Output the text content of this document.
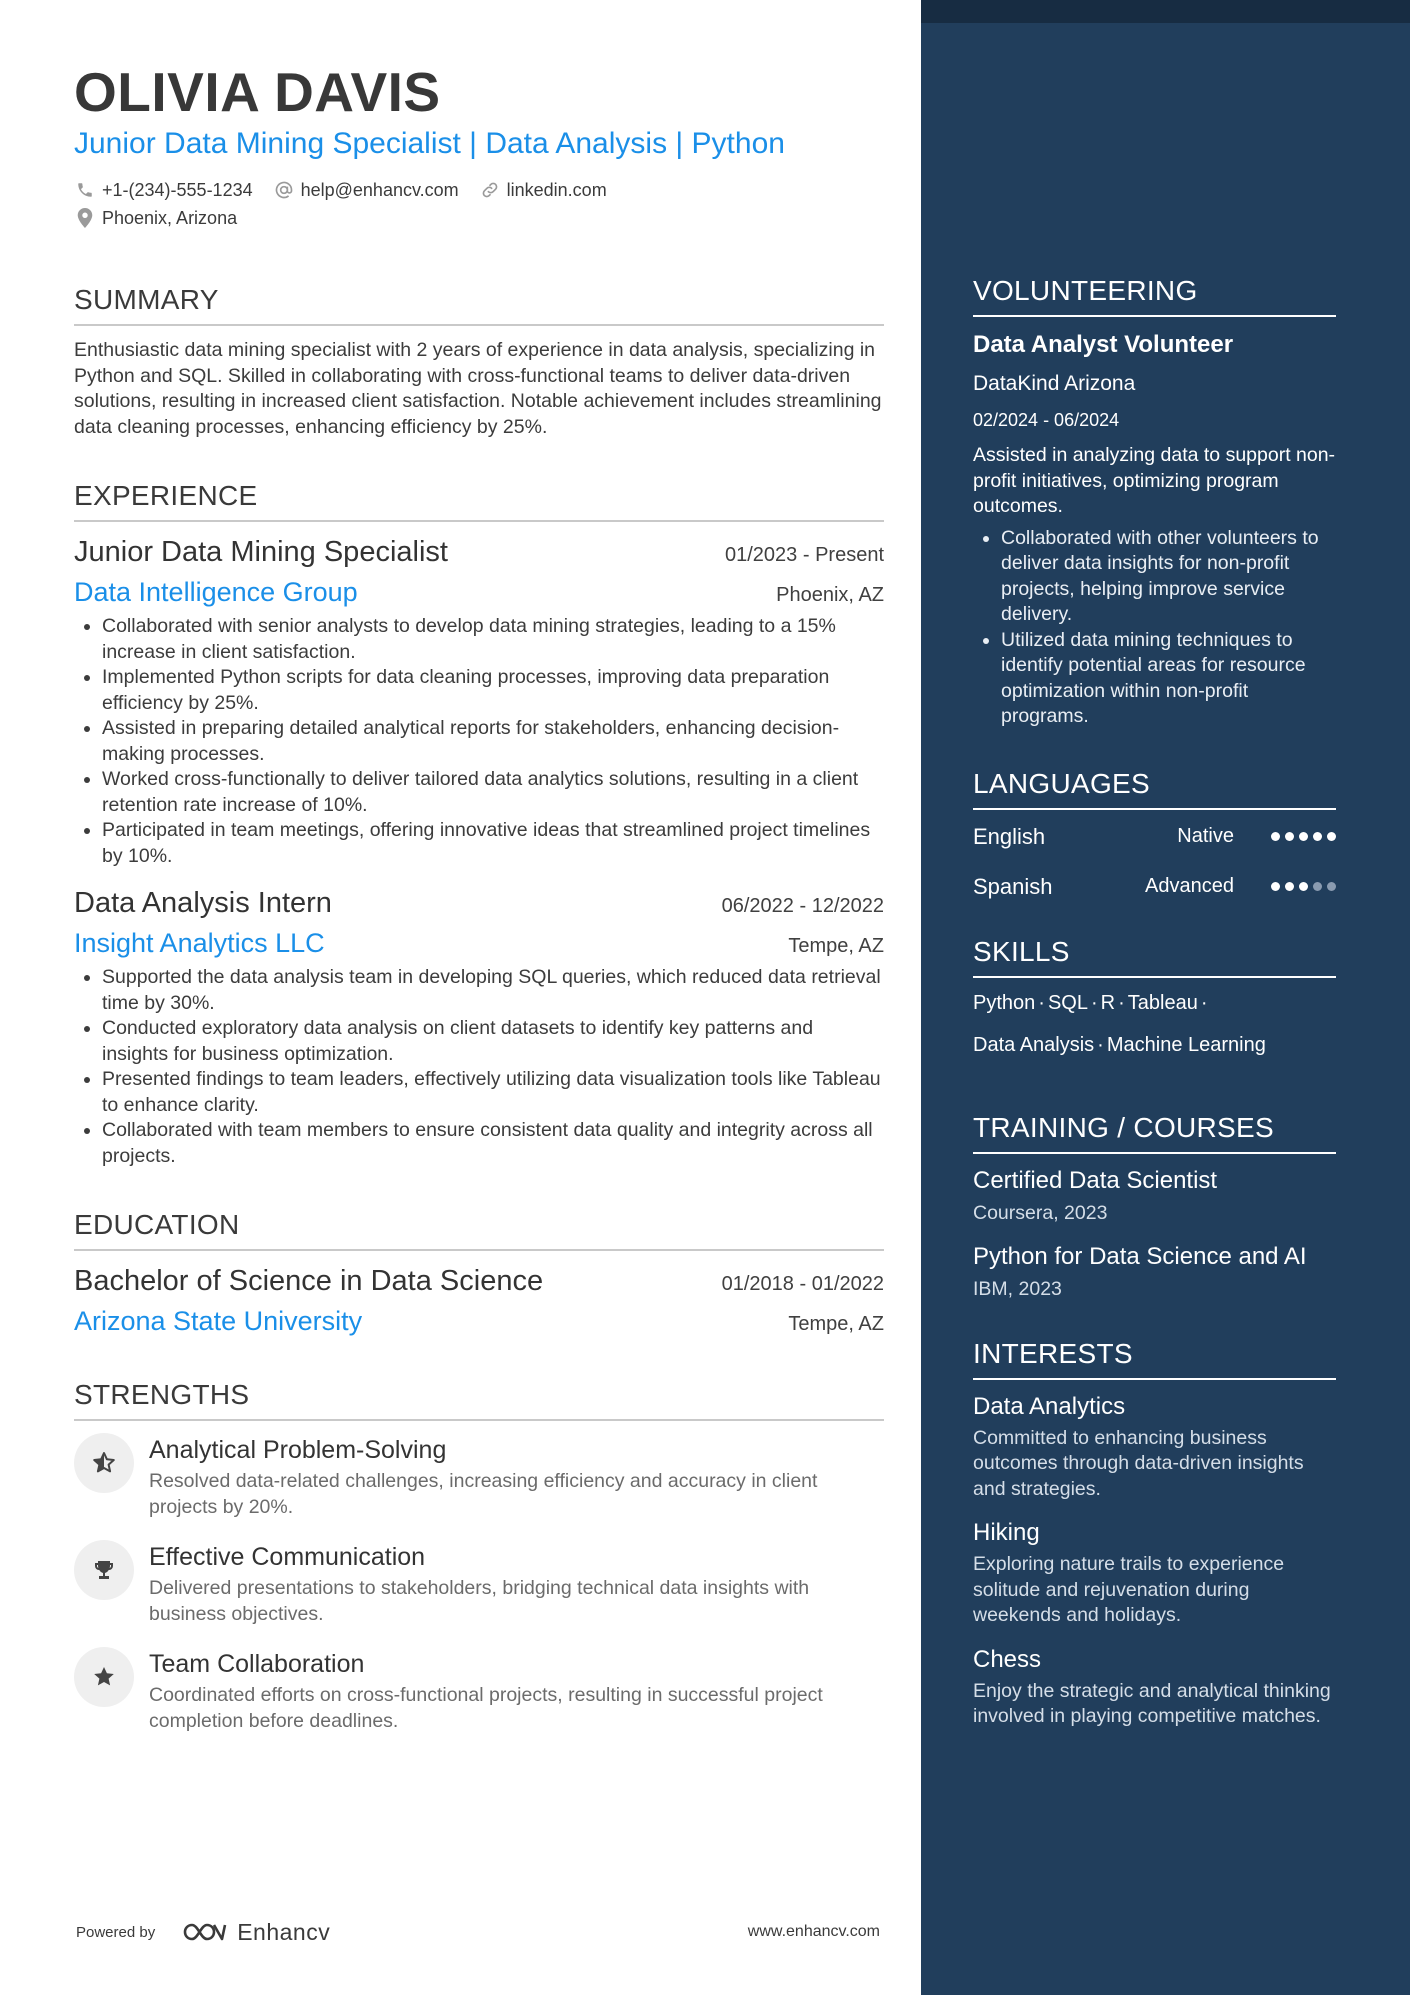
OLIVIA DAVIS
Junior Data Mining Specialist | Data Analysis | Python
+1-(234)-555-1234	help@enhancv.com	linkedin.com
Phoenix, Arizona
SUMMARY
Enthusiastic data mining specialist with 2 years of experience in data analysis, specializing in Python and SQL. Skilled in collaborating with cross-functional teams to deliver data-driven solutions, resulting in increased client satisfaction. Notable achievement includes streamlining data cleaning processes, enhancing efficiency by 25%.
EXPERIENCE
Junior Data Mining Specialist	01/2023 - Present
Data Intelligence Group	Phoenix, AZ
• Collaborated with senior analysts to develop data mining strategies, leading to a 15% increase in client satisfaction.
• Implemented Python scripts for data cleaning processes, improving data preparation efficiency by 25%.
• Assisted in preparing detailed analytical reports for stakeholders, enhancing decision-making processes.
• Worked cross-functionally to deliver tailored data analytics solutions, resulting in a client retention rate increase of 10%.
• Participated in team meetings, offering innovative ideas that streamlined project timelines by 10%.
Data Analysis Intern	06/2022 - 12/2022
Insight Analytics LLC	Tempe, AZ
• Supported the data analysis team in developing SQL queries, which reduced data retrieval time by 30%.
• Conducted exploratory data analysis on client datasets to identify key patterns and insights for business optimization.
• Presented findings to team leaders, effectively utilizing data visualization tools like Tableau to enhance clarity.
• Collaborated with team members to ensure consistent data quality and integrity across all projects.
EDUCATION
Bachelor of Science in Data Science	01/2018 - 01/2022
Arizona State University	Tempe, AZ
STRENGTHS
Analytical Problem-Solving
Resolved data-related challenges, increasing efficiency and accuracy in client projects by 20%.
Effective Communication
Delivered presentations to stakeholders, bridging technical data insights with business objectives.
Team Collaboration
Coordinated efforts on cross-functional projects, resulting in successful project completion before deadlines.
Powered by	Enhancv	www.enhancv.com
VOLUNTEERING
Data Analyst Volunteer
DataKind Arizona
02/2024 - 06/2024
Assisted in analyzing data to support non-profit initiatives, optimizing program outcomes.
• Collaborated with other volunteers to deliver data insights for non-profit projects, helping improve service delivery.
• Utilized data mining techniques to identify potential areas for resource optimization within non-profit programs.
LANGUAGES
English	Native
Spanish	Advanced
SKILLS
Python · SQL · R · Tableau ·
Data Analysis · Machine Learning
TRAINING / COURSES
Certified Data Scientist
Coursera, 2023
Python for Data Science and AI
IBM, 2023
INTERESTS
Data Analytics
Committed to enhancing business outcomes through data-driven insights and strategies.
Hiking
Exploring nature trails to experience solitude and rejuvenation during weekends and holidays.
Chess
Enjoy the strategic and analytical thinking involved in playing competitive matches.
